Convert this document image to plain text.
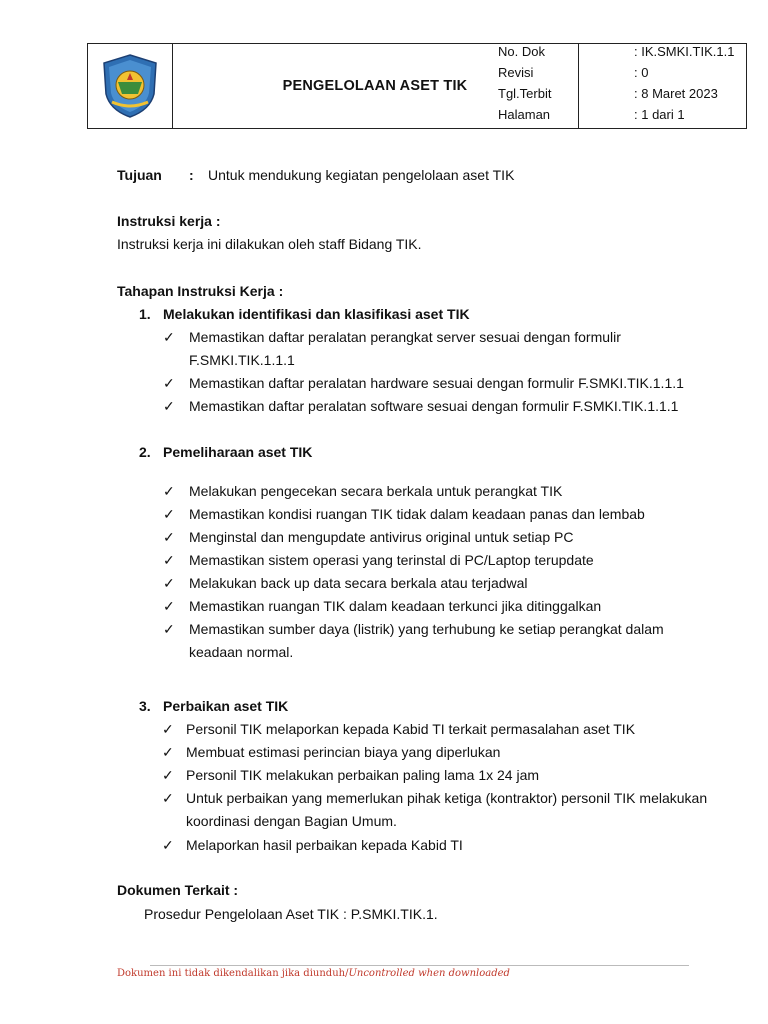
PENGELOLAAN ASET TIK
No. Dok	: IK.SMKI.TIK.1.1
Revisi	: 0
Tgl.Terbit	: 8 Maret 2023
Halaman	: 1 dari 1
Tujuan : Untuk mendukung kegiatan pengelolaan aset TIK
Instruksi kerja :
Instruksi kerja ini dilakukan oleh staff Bidang TIK.
Tahapan Instruksi Kerja :
1. Melakukan identifikasi dan klasifikasi aset TIK
✓ Memastikan daftar peralatan perangkat server sesuai dengan formulir
F.SMKI.TIK.1.1.1
✓ Memastikan daftar peralatan hardware sesuai dengan formulir F.SMKI.TIK.1.1.1
✓ Memastikan daftar peralatan software sesuai dengan formulir F.SMKI.TIK.1.1.1
2. Pemeliharaan aset TIK
✓ Melakukan pengecekan secara berkala untuk perangkat TIK
✓ Memastikan kondisi ruangan TIK tidak dalam keadaan panas dan lembab
✓ Menginstal dan mengupdate antivirus original untuk setiap PC
✓ Memastikan sistem operasi yang terinstal di PC/Laptop terupdate
✓ Melakukan back up data secara berkala atau terjadwal
✓ Memastikan ruangan TIK dalam keadaan terkunci jika ditinggalkan
✓ Memastikan sumber daya (listrik) yang terhubung ke setiap perangkat dalam
keadaan normal.
3. Perbaikan aset TIK
✓ Personil TIK melaporkan kepada Kabid TI terkait permasalahan aset TIK
✓ Membuat estimasi perincian biaya yang diperlukan
✓ Personil TIK melakukan perbaikan paling lama 1x 24 jam
✓ Untuk perbaikan yang memerlukan pihak ketiga (kontraktor) personil TIK melakukan
koordinasi dengan Bagian Umum.
✓ Melaporkan hasil perbaikan kepada Kabid TI
Dokumen Terkait :
Prosedur Pengelolaan Aset TIK : P.SMKI.TIK.1.
Dokumen ini tidak dikendalikan jika diunduh/Uncontrolled when downloaded
